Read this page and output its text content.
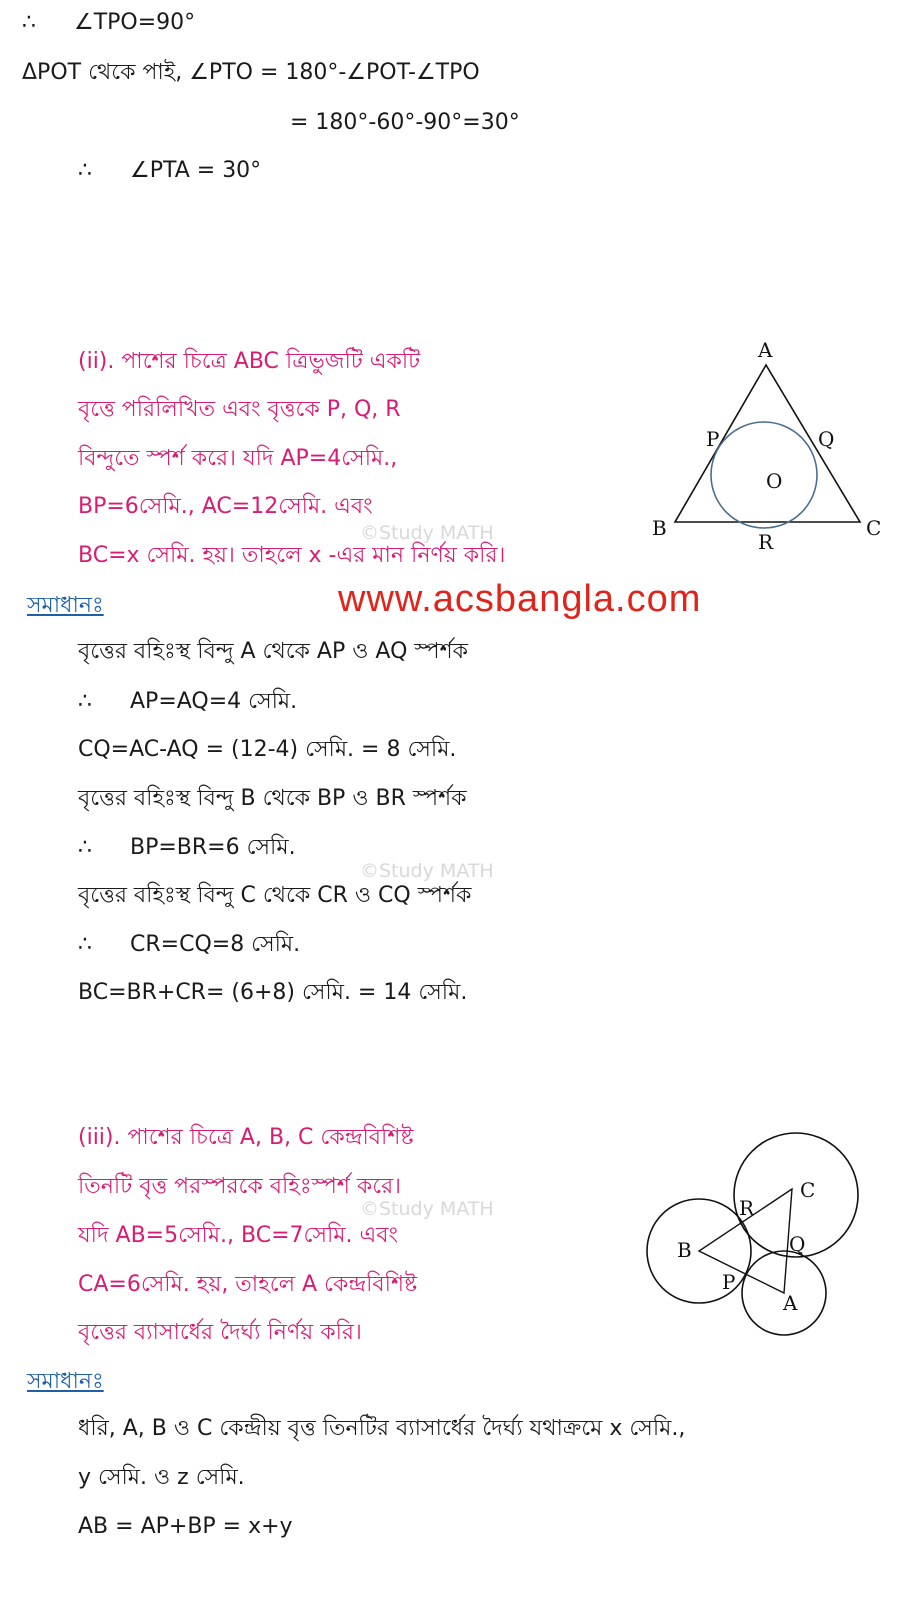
∴ ∠TPO=90°
ΔPOT থেকে পাই, ∠PTO = 180°-∠POT-∠TPO
= 180°-60°-90°=30°
∴ ∠PTA = 30°
(ii). পাশের চিত্রে ABC ত্রিভুজটি একটি
বৃত্তে পরিলিখিত এবং বৃত্তকে P, Q, R
বিন্দুতে স্পর্শ করে। যদি AP=4সেমি.,
BP=6সেমি., AC=12সেমি. এবং
BC=x সেমি. হয়। তাহলে x -এর মান নির্ণয় করি।
©Study MATH
A
P	Q
O
B	C
R
সমাধানঃ	www.acsbangla.com
বৃত্তের বহিঃস্থ বিন্দু A থেকে AP ও AQ স্পর্শক
∴ AP=AQ=4 সেমি.
CQ=AC-AQ = (12-4) সেমি. = 8 সেমি.
বৃত্তের বহিঃস্থ বিন্দু B থেকে BP ও BR স্পর্শক
∴ BP=BR=6 সেমি.
©Study MATH
বৃত্তের বহিঃস্থ বিন্দু C থেকে CR ও CQ স্পর্শক
∴ CR=CQ=8 সেমি.
BC=BR+CR= (6+8) সেমি. = 14 সেমি.
(iii). পাশের চিত্রে A, B, C কেন্দ্রবিশিষ্ট
তিনটি বৃত্ত পরস্পরকে বহিঃস্পর্শ করে।
©Study MATH
যদি AB=5সেমি., BC=7সেমি. এবং
CA=6সেমি. হয়, তাহলে A কেন্দ্রবিশিষ্ট
বৃত্তের ব্যাসার্ধের দৈর্ঘ্য নির্ণয় করি।
C
R
B	Q
P
A
সমাধানঃ
ধরি, A, B ও C কেন্দ্রীয় বৃত্ত তিনটির ব্যাসার্ধের দৈর্ঘ্য যথাক্রমে x সেমি.,
y সেমি. ও z সেমি.
AB = AP+BP = x+y
